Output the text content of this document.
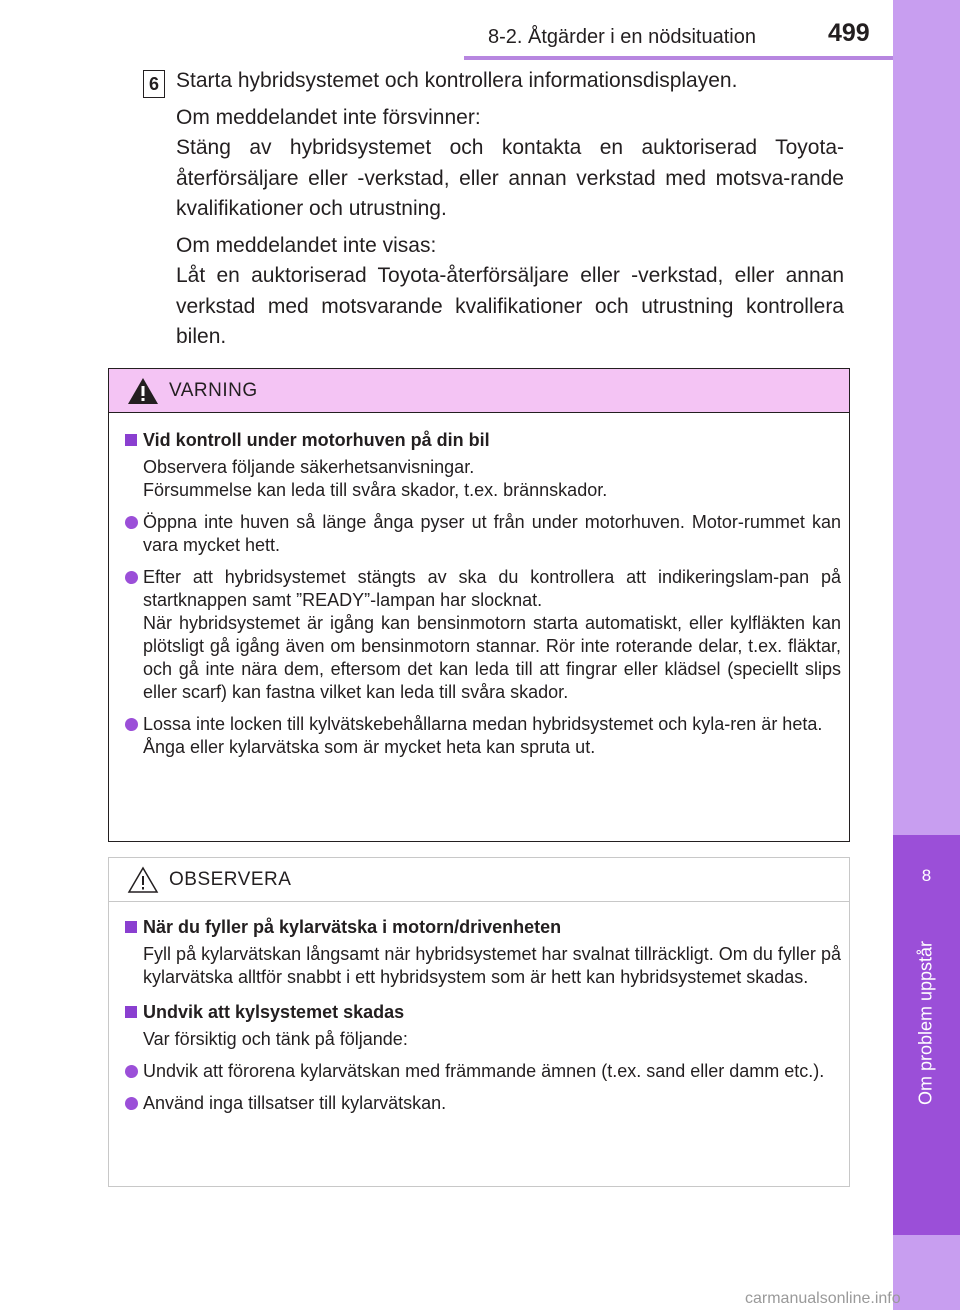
8
Om problem uppstår
8-2. Åtgärder i en nödsituation	499
6 Starta hybridsystemet och kontrollera informationsdisplayen.

Om meddelandet inte försvinner:

Stäng av hybridsystemet och kontakta en auktoriserad Toyota-återförsäljare eller -verkstad, eller annan verkstad med motsva-rande kvalifikationer och utrustning.

Om meddelandet inte visas:

Låt en auktoriserad Toyota-återförsäljare eller -verkstad, eller annan verkstad med motsvarande kvalifikationer och utrustning kontrollera bilen.

VARNING
Vid kontroll under motorhuven på din bil

Observera följande säkerhetsanvisningar.

Försummelse kan leda till svåra skador, t.ex. brännskador.

Öppna inte huven så länge ånga pyser ut från under motorhuven. Motor-rummet kan vara mycket hett.
Efter att hybridsystemet stängts av ska du kontrollera att indikeringslam-pan på startknappen samt ”READY”-lampan har slocknat.
När hybridsystemet är igång kan bensinmotorn starta automatiskt, eller kylfläkten kan plötsligt gå igång även om bensinmotorn stannar. Rör inte roterande delar, t.ex. fläktar, och gå inte nära dem, eftersom det kan leda till att fingrar eller klädsel (speciellt slips eller scarf) kan fastna vilket kan leda till svåra skador.
Lossa inte locken till kylvätskebehållarna medan hybridsystemet och kyla-ren är heta.
Ånga eller kylarvätska som är mycket heta kan spruta ut.
OBSERVERA
När du fyller på kylarvätska i motorn/drivenheten

Fyll på kylarvätskan långsamt när hybridsystemet har svalnat tillräckligt. Om du fyller på kylarvätska alltför snabbt i ett hybridsystem som är hett kan hybridsystemet skadas.

Undvik att kylsystemet skadas

Var försiktig och tänk på följande:

Undvik att förorena kylarvätskan med främmande ämnen (t.ex. sand eller damm etc.).
Använd inga tillsatser till kylarvätskan.
carmanualsonline.info
